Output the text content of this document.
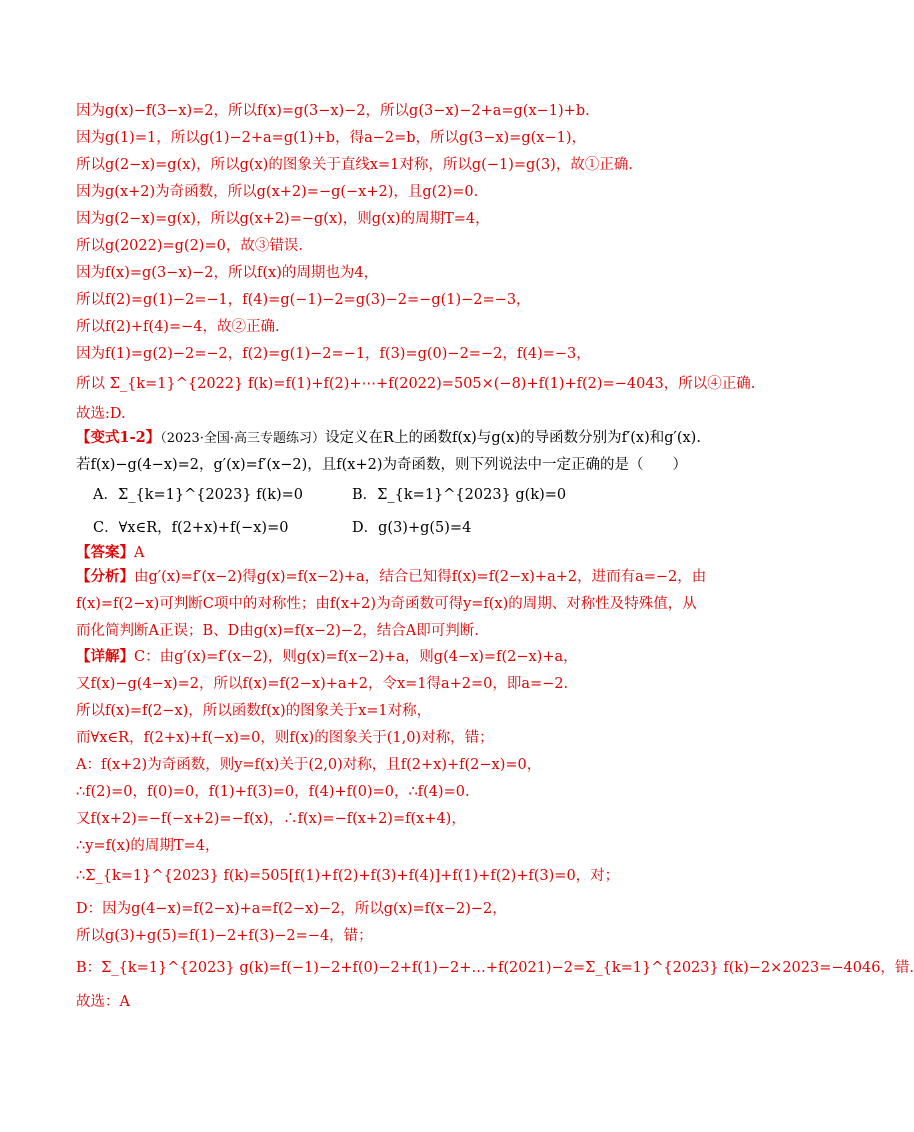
因为g(x)−f(3−x)=2，所以f(x)=g(3−x)−2，所以g(3−x)−2+a=g(x−1)+b.
因为g(1)=1，所以g(1)−2+a=g(1)+b，得a−2=b，所以g(3−x)=g(x−1)，
所以g(2−x)=g(x)，所以g(x)的图象关于直线x=1对称，所以g(−1)=g(3)，故①正确.
因为g(x+2)为奇函数，所以g(x+2)=−g(−x+2)，且g(2)=0.
因为g(2−x)=g(x)，所以g(x+2)=−g(x)，则g(x)的周期T=4，
所以g(2022)=g(2)=0，故③错误.
因为f(x)=g(3−x)−2，所以f(x)的周期也为4，
所以f(2)=g(1)−2=−1，f(4)=g(−1)−2=g(3)−2=−g(1)−2=−3，
所以f(2)+f(4)=−4，故②正确.
因为f(1)=g(2)−2=−2，f(2)=g(1)−2=−1，f(3)=g(0)−2=−2，f(4)=−3，
所以 Σ_{k=1}^{2022} f(k)=f(1)+f(2)+⋯+f(2022)=505×(−8)+f(1)+f(2)=−4043，所以④正确.
故选:D.
【变式1-2】（2023·全国·高三专题练习）设定义在R上的函数f(x)与g(x)的导函数分别为f′(x)和g′(x).
若f(x)−g(4−x)=2，g′(x)=f′(x−2)，且f(x+2)为奇函数，则下列说法中一定正确的是（　　）
A．Σ_{k=1}^{2023} f(k)=0	B．Σ_{k=1}^{2023} g(k)=0
C．∀x∈R，f(2+x)+f(−x)=0	D．g(3)+g(5)=4
【答案】A
【分析】由g′(x)=f′(x−2)得g(x)=f(x−2)+a，结合已知得f(x)=f(2−x)+a+2，进而有a=−2，由
f(x)=f(2−x)可判断C项中的对称性；由f(x+2)为奇函数可得y=f(x)的周期、对称性及特殊值，从
而化简判断A正误；B、D由g(x)=f(x−2)−2，结合A即可判断.
【详解】C：由g′(x)=f′(x−2)，则g(x)=f(x−2)+a，则g(4−x)=f(2−x)+a，
又f(x)−g(4−x)=2，所以f(x)=f(2−x)+a+2，令x=1得a+2=0，即a=−2.
所以f(x)=f(2−x)，所以函数f(x)的图象关于x=1对称，
而∀x∈R，f(2+x)+f(−x)=0，则f(x)的图象关于(1,0)对称，错；
A：f(x+2)为奇函数，则y=f(x)关于(2,0)对称，且f(2+x)+f(2−x)=0，
∴f(2)=0，f(0)=0，f(1)+f(3)=0，f(4)+f(0)=0，∴f(4)=0.
又f(x+2)=−f(−x+2)=−f(x)，∴f(x)=−f(x+2)=f(x+4)，
∴y=f(x)的周期T=4，
∴Σ_{k=1}^{2023} f(k)=505[f(1)+f(2)+f(3)+f(4)]+f(1)+f(2)+f(3)=0，对；
D：因为g(4−x)=f(2−x)+a=f(2−x)−2，所以g(x)=f(x−2)−2，
所以g(3)+g(5)=f(1)−2+f(3)−2=−4，错；
B：Σ_{k=1}^{2023} g(k)=f(−1)−2+f(0)−2+f(1)−2+…+f(2021)−2=Σ_{k=1}^{2023} f(k)−2×2023=−4046，错.
故选：A
